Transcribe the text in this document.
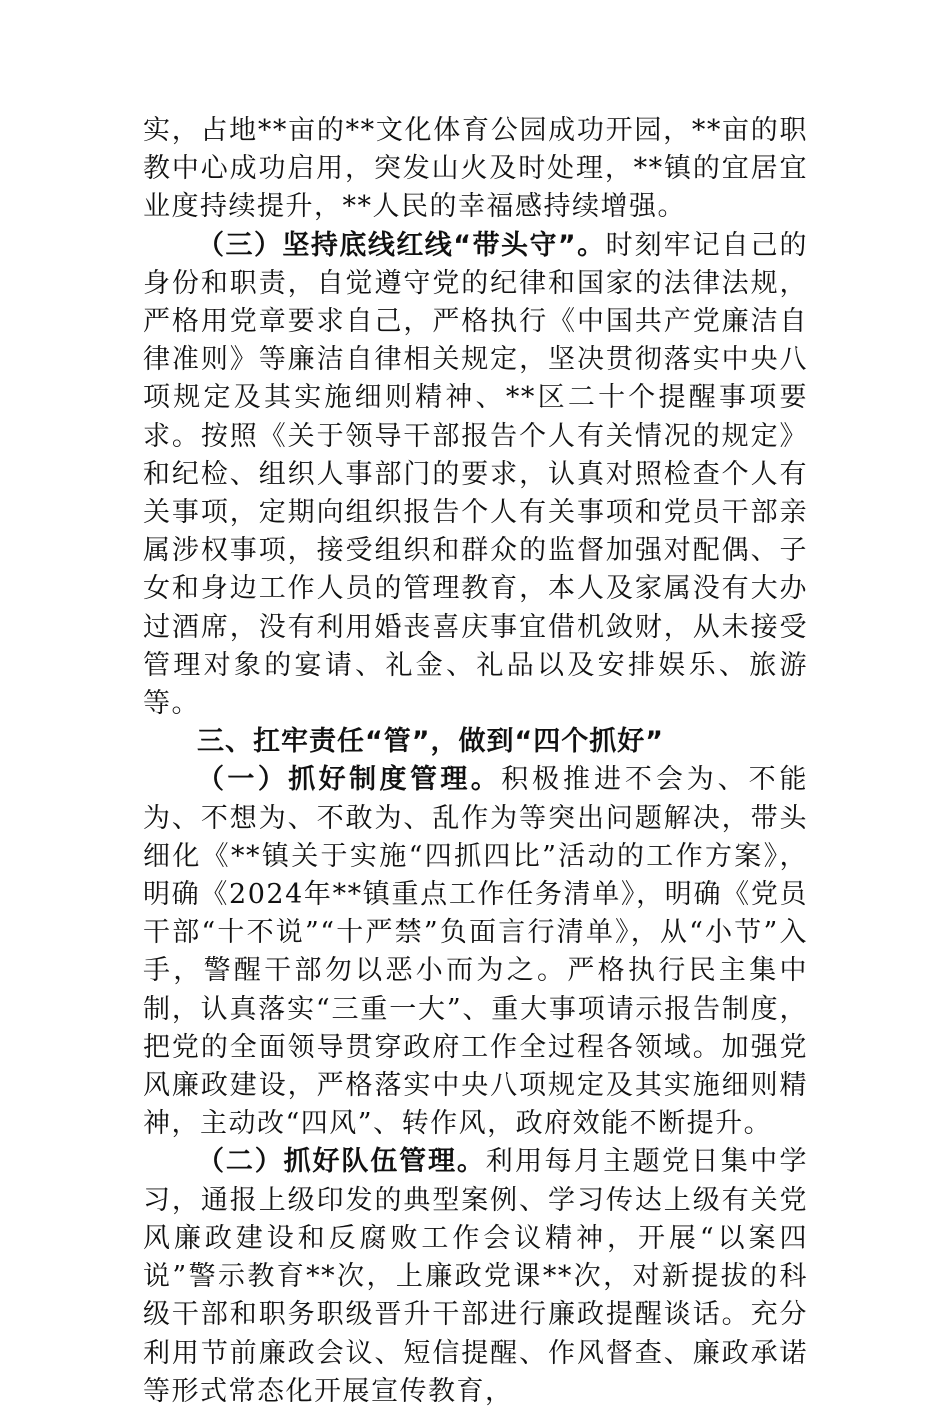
实，占地**亩的**文化体育公园成功开园，**亩的职教中心成功启用，突发山火及时处理，**镇的宜居宜业度持续提升，**人民的幸福感持续增强。

（三）坚持底线红线“带头守”。时刻牢记自己的身份和职责，自觉遵守党的纪律和国家的法律法规，严格用党章要求自己，严格执行《中国共产党廉洁自律准则》等廉洁自律相关规定，坚决贯彻落实中央八项规定及其实施细则精神、**区二十个提醒事项要求。按照《关于领导干部报告个人有关情况的规定》和纪检、组织人事部门的要求，认真对照检查个人有关事项，定期向组织报告个人有关事项和党员干部亲属涉权事项，接受组织和群众的监督加强对配偶、子女和身边工作人员的管理教育，本人及家属没有大办过酒席，没有利用婚丧喜庆事宜借机敛财，从未接受管理对象的宴请、礼金、礼品以及安排娱乐、旅游等。

三、扛牢责任“管”，做到“四个抓好”

（一）抓好制度管理。积极推进不会为、不能为、不想为、不敢为、乱作为等突出问题解决，带头细化《**镇关于实施“四抓四比”活动的工作方案》，明确《2024年**镇重点工作任务清单》，明确《党员干部“十不说”“十严禁”负面言行清单》，从“小节”入手，警醒干部勿以恶小而为之。严格执行民主集中制，认真落实“三重一大”、重大事项请示报告制度，把党的全面领导贯穿政府工作全过程各领域。加强党风廉政建设，严格落实中央八项规定及其实施细则精神，主动改“四风”、转作风，政府效能不断提升。

（二）抓好队伍管理。利用每月主题党日集中学习，通报上级印发的典型案例、学习传达上级有关党风廉政建设和反腐败工作会议精神，开展“以案四说”警示教育**次，上廉政党课**次，对新提拔的科级干部和职务职级晋升干部进行廉政提醒谈话。充分利用节前廉政会议、短信提醒、作风督查、廉政承诺等形式常态化开展宣传教育，
